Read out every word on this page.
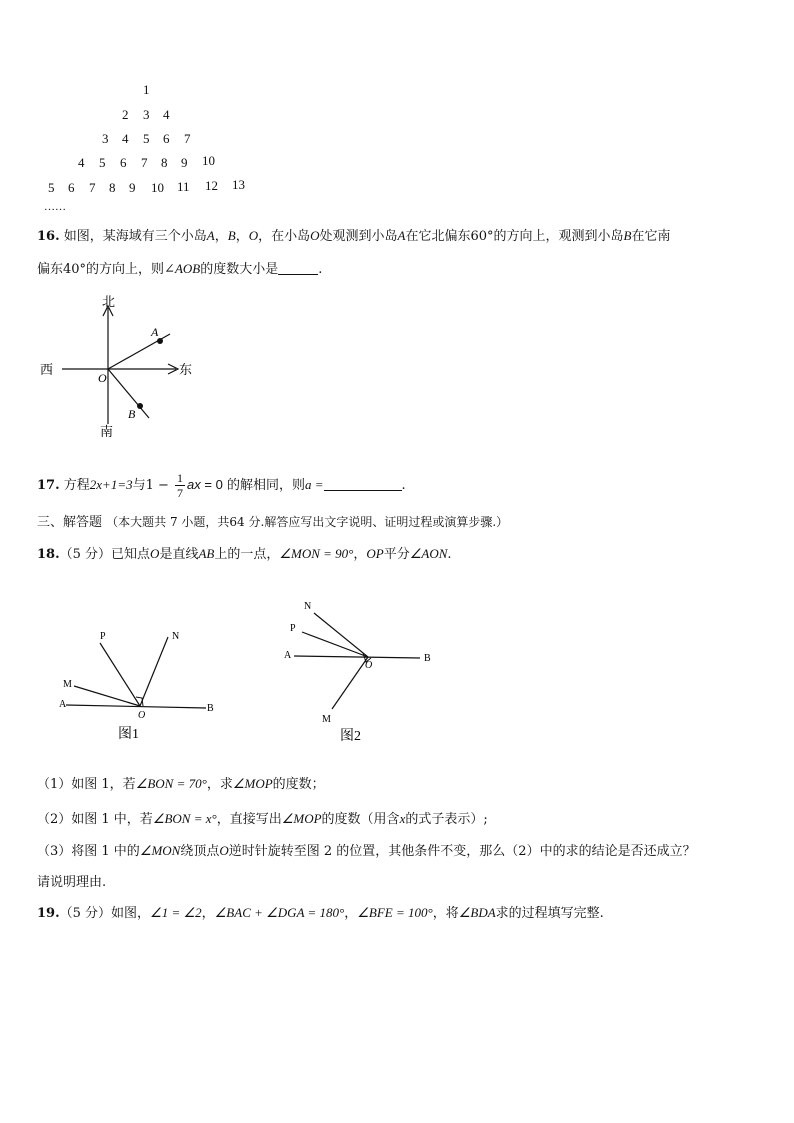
1
2 3 4
3 4 5 6 7
4 5 6 7 8 9 10
5 6 7 8 9 10 11 12 13
……
16. 如图，某海域有三个小岛A，B，O，在小岛O处观测到小岛A在它北偏东60°的方向上，观测到小岛B在它南
偏东40°的方向上，则∠AOB的度数大小是	.
北
南
东
西
O
A
B
17. 方程2x+1=3与$1 - \frac{1}{7}$ ax = 0 的解相同，则a =	.
三、解答题 （本大题共 7 小题，共64 分.解答应写出文字说明、证明过程或演算步骤.）
18.（5 分）已知点O是直线AB上的一点，∠MON = 90°，OP平分∠AON.
P	N
M
A
O
B
图1
N
P
A
O
B
M
图2
（1）如图 1，若∠BON = 70°，求∠MOP的度数；
（2）如图 1 中，若∠BON = x°，直接写出∠MOP的度数（用含x的式子表示）;
（3）将图 1 中的∠MON绕顶点O逆时针旋转至图 2 的位置，其他条件不变，那么（2）中的求的结论是否还成立？
请说明理由.
19.（5 分）如图，∠1 = ∠2，∠BAC + ∠DGA = 180°，∠BFE = 100°，将∠BDA求的过程填写完整.
